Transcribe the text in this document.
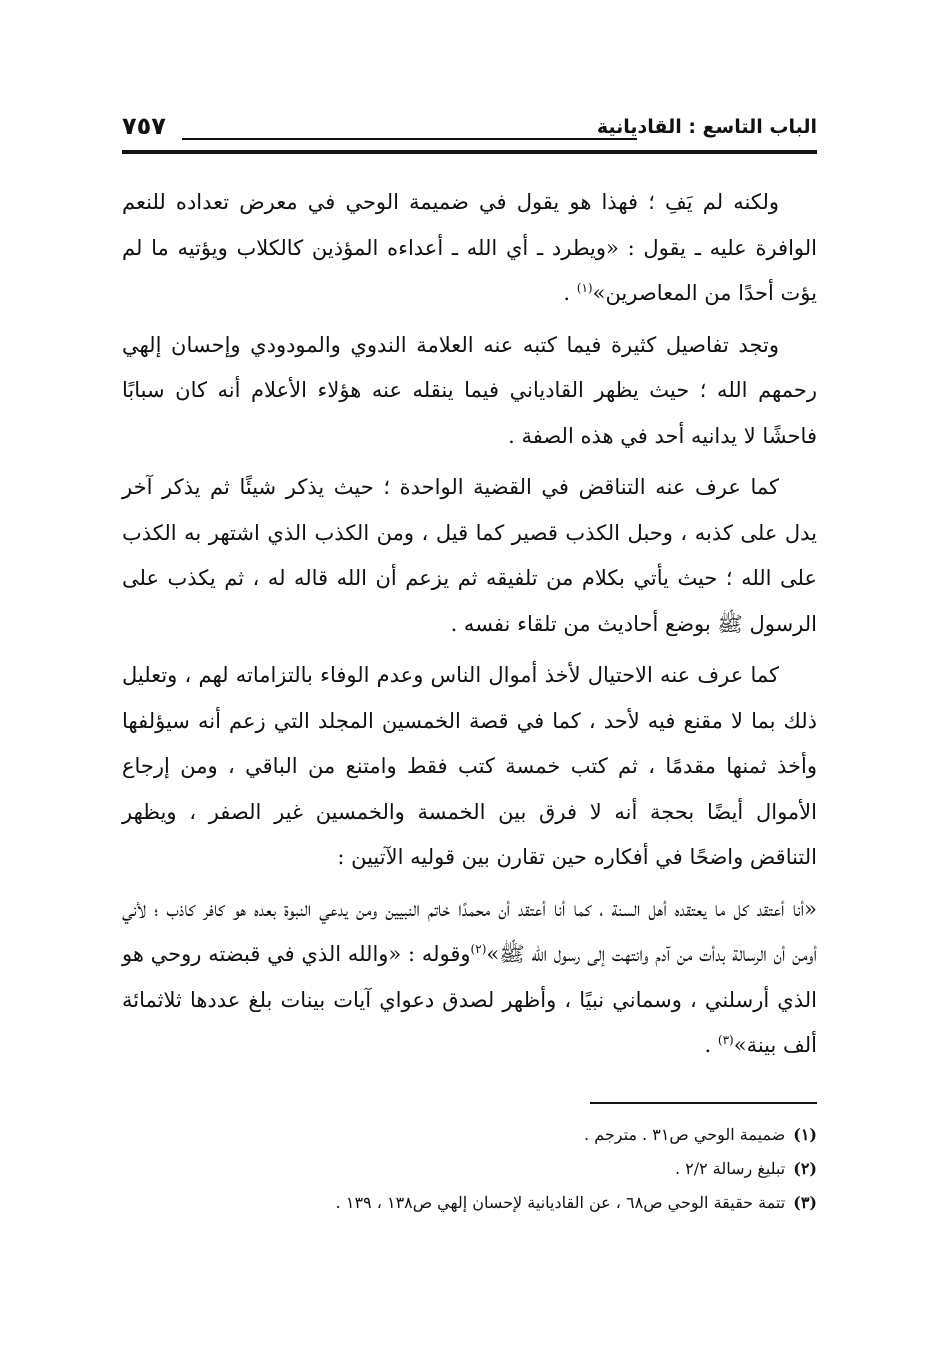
الباب التاسع : القاديانية
٧٥٧

ولكنه لم يَفِ ؛ فهذا هو يقول في ضميمة الوحي في معرض تعداده للنعم الوافرة عليه ـ يقول : «ويطرد ـ أي الله ـ أعداءه المؤذين كالكلاب ويؤتيه ما لم يؤت أحدًا من المعاصرين»$^{(١)}$ .

وتجد تفاصيل كثيرة فيما كتبه عنه العلامة الندوي والمودودي وإحسان إلهي رحمهم الله ؛ حيث يظهر القادياني فيما ينقله عنه هؤلاء الأعلام أنه كان سبابًا فاحشًا لا يدانيه أحد في هذه الصفة .

كما عرف عنه التناقض في القضية الواحدة ؛ حيث يذكر شيئًا ثم يذكر آخر يدل على كذبه ، وحبل الكذب قصير كما قيل ، ومن الكذب الذي اشتهر به الكذب على الله ؛ حيث يأتي بكلام من تلفيقه ثم يزعم أن الله قاله له ، ثم يكذب على الرسول ﷺ بوضع أحاديث من تلقاء نفسه .

كما عرف عنه الاحتيال لأخذ أموال الناس وعدم الوفاء بالتزاماته لهم ، وتعليل ذلك بما لا مقنع فيه لأحد ، كما في قصة الخمسين المجلد التي زعم أنه سيؤلفها وأخذ ثمنها مقدمًا ، ثم كتب خمسة كتب فقط وامتنع من الباقي ، ومن إرجاع الأموال أيضًا بحجة أنه لا فرق بين الخمسة والخمسين غير الصفر ، ويظهر التناقض واضحًا في أفكاره حين تقارن بين قوليه الآتيين :

«أنا أعتقد كل ما يعتقده أهل السنة ، كما أنا أعتقد أن محمدًا خاتم النبيين ومن يدعي النبوة بعده هو كافر كاذب ؛ لأني أومن أن الرسالة بدأت من آدم وانتهت إلى رسول الله ﷺ»$^{(٢)}$وقوله : «والله الذي في قبضته روحي هو الذي أرسلني ، وسماني نبيًا ، وأظهر لصدق دعواي آيات بينات بلغ عددها ثلاثمائة ألف بينة»$^{(٣)}$ .

(١)ضميمة الوحي ص٣١ . مترجم .

(٢)تبليغ رسالة ٢/٢ .

(٣)تتمة حقيقة الوحي ص٦٨ ، عن القاديانية لإحسان إلهي ص١٣٨ ، ١٣٩ .
